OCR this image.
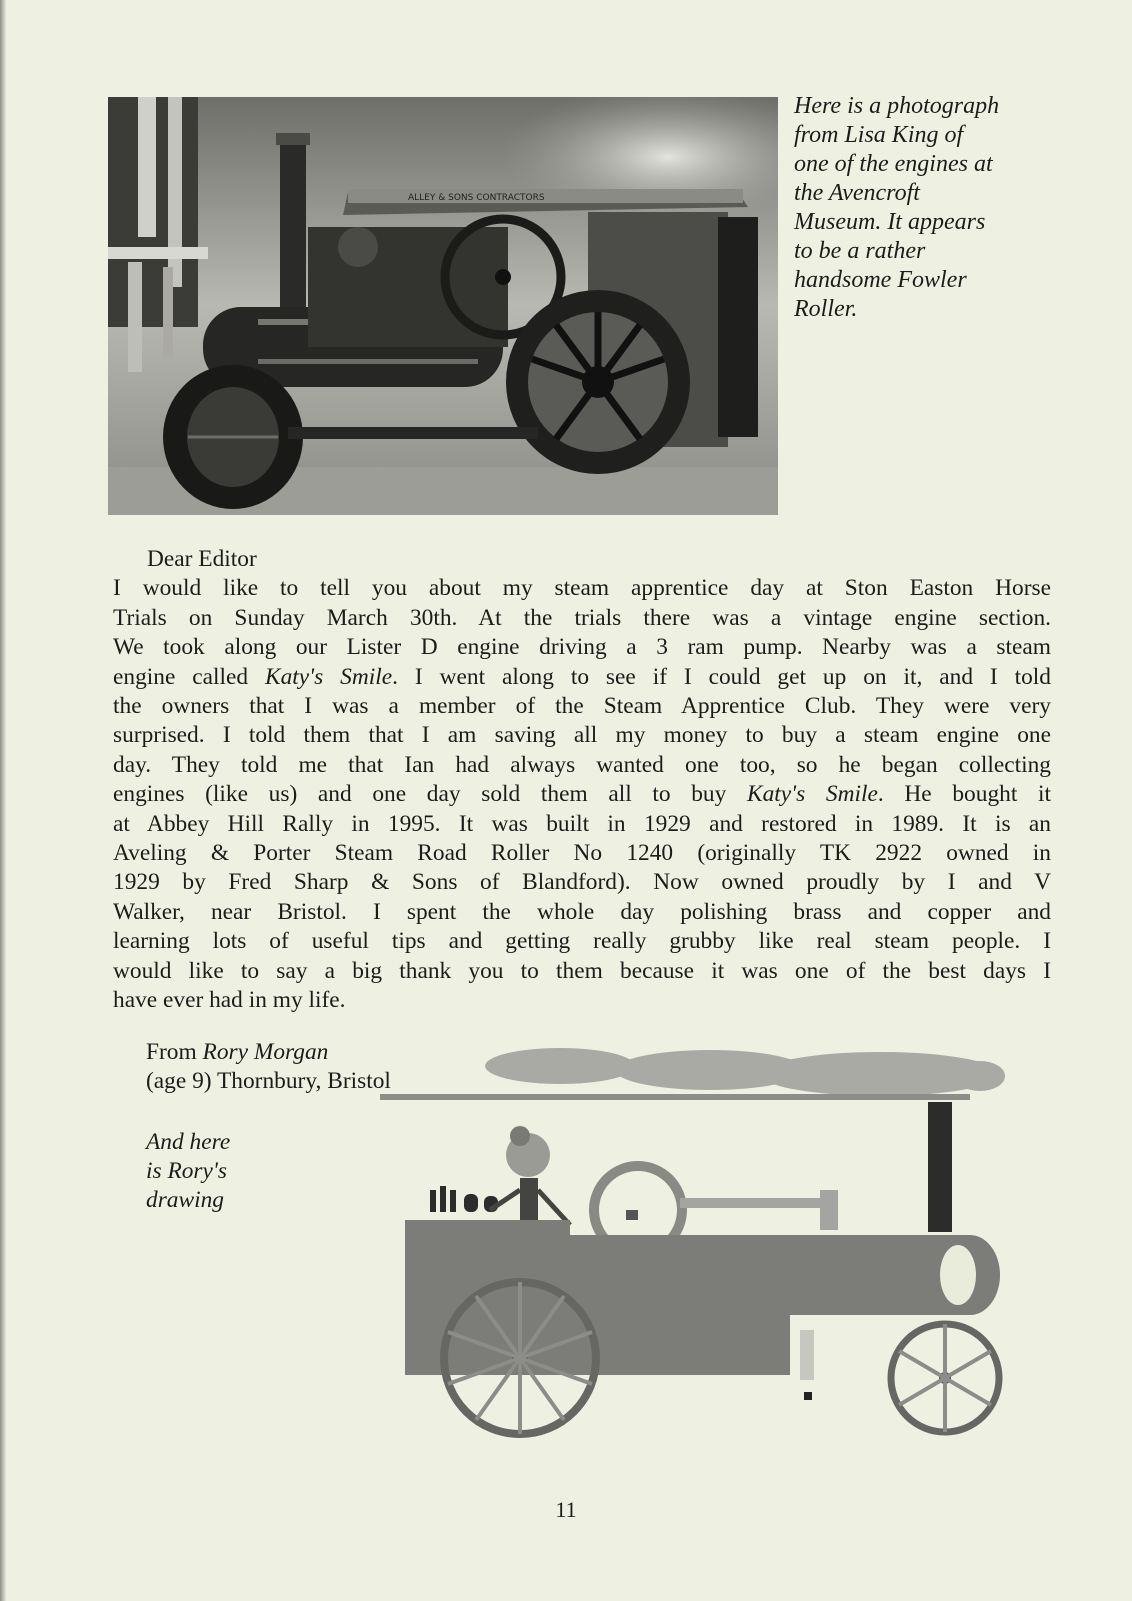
ALLEY & SONS CONTRACTORS
Here is a photograph
from Lisa King of
one of the engines at
the Avencroft
Museum. It appears
to be a rather
handsome Fowler
Roller.
Dear Editor
I would like to tell you about my steam apprentice day at Ston Easton Horse
Trials on Sunday March 30th. At the trials there was a vintage engine section.
We took along our Lister D engine driving a 3 ram pump. Nearby was a steam
engine called Katy's Smile. I went along to see if I could get up on it, and I told
the owners that I was a member of the Steam Apprentice Club. They were very
surprised. I told them that I am saving all my money to buy a steam engine one
day. They told me that Ian had always wanted one too, so he began collecting
engines (like us) and one day sold them all to buy Katy's Smile. He bought it
at Abbey Hill Rally in 1995. It was built in 1929 and restored in 1989. It is an
Aveling & Porter Steam Road Roller No 1240 (originally TK 2922 owned in
1929 by Fred Sharp & Sons of Blandford). Now owned proudly by I and V
Walker, near Bristol. I spent the whole day polishing brass and copper and
learning lots of useful tips and getting really grubby like real steam people. I
would like to say a big thank you to them because it was one of the best days I
have ever had in my life.
From Rory Morgan
(age 9) Thornbury, Bristol
And here
is Rory's
drawing
11
